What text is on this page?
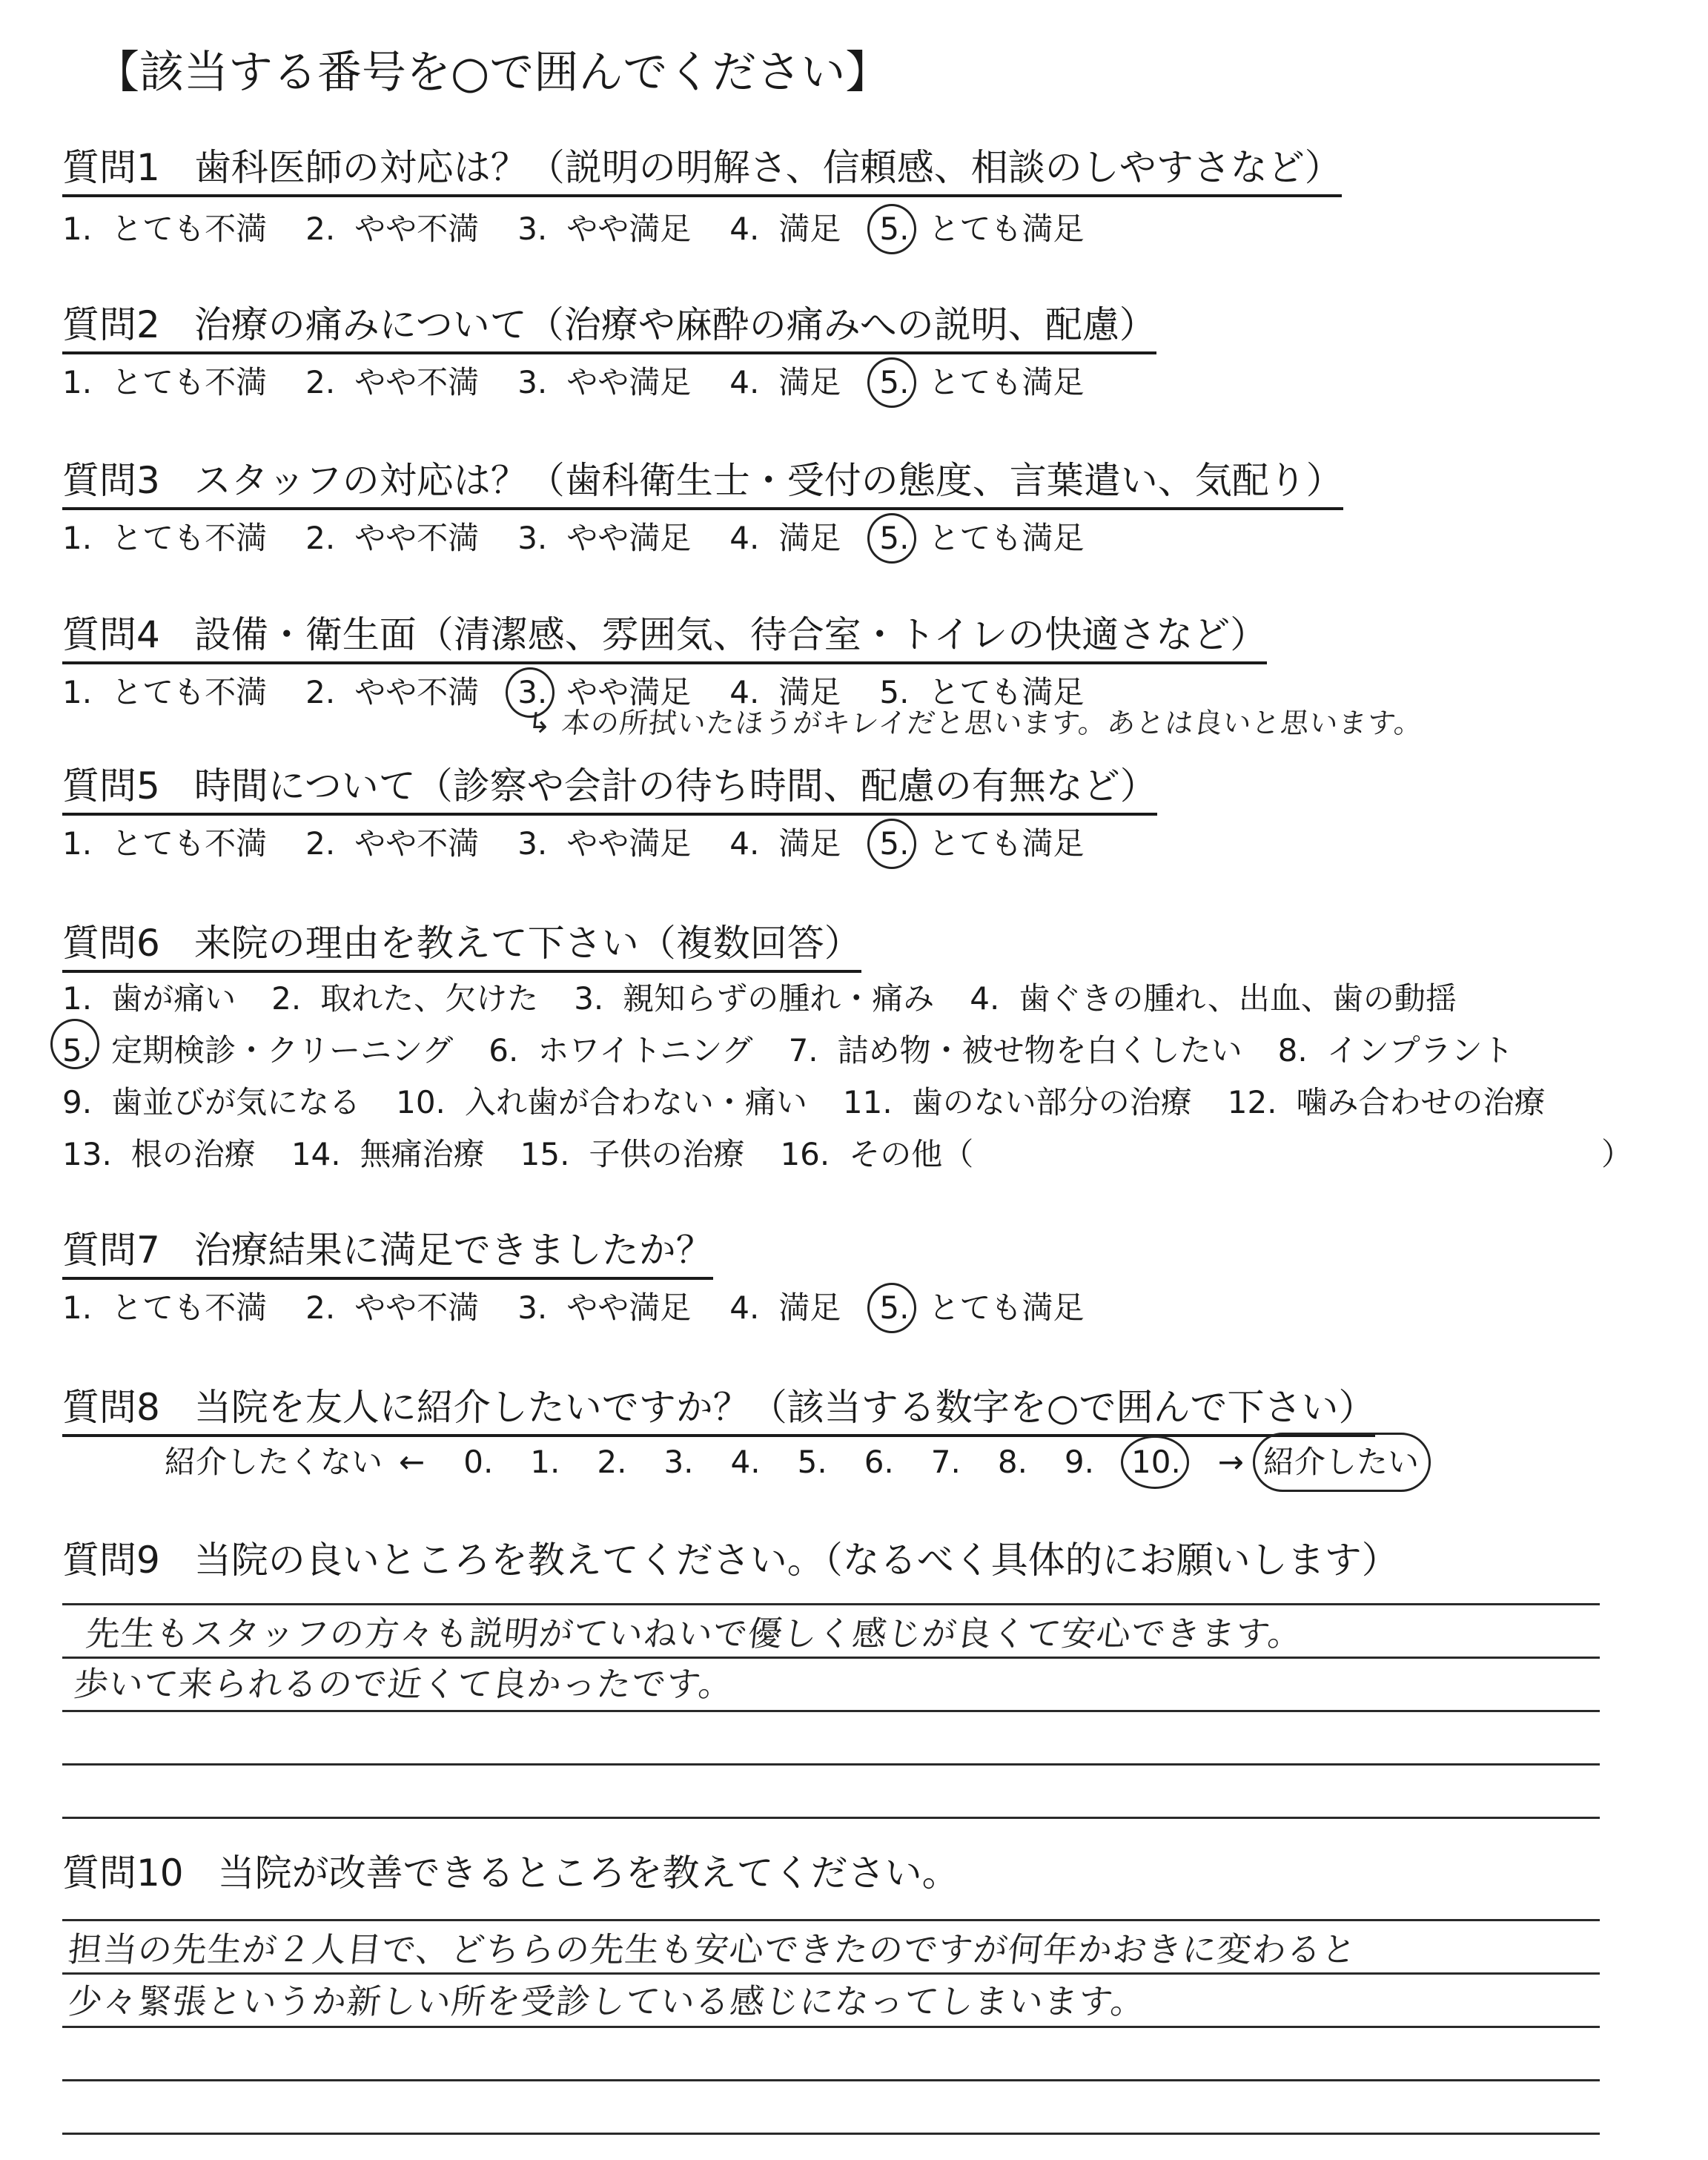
【該当する番号を○で囲んでください】
質問1 歯科医師の対応は？（説明の明解さ、信頼感、相談のしやすさなど）
1. とても不満 2. やや不満 3. やや満足 4. 満足 5. とても満足
質問2 治療の痛みについて（治療や麻酔の痛みへの説明、配慮）
1. とても不満 2. やや不満 3. やや満足 4. 満足 5. とても満足
質問3 スタッフの対応は？（歯科衛生士・受付の態度、言葉遣い、気配り）
1. とても不満 2. やや不満 3. やや満足 4. 満足 5. とても満足
質問4 設備・衛生面（清潔感、雰囲気、待合室・トイレの快適さなど）
1. とても不満 2. やや不満 3. やや満足 4. 満足 5. とても満足
↳ 本の所拭いたほうがキレイだと思います。あとは良いと思います。
質問5 時間について（診察や会計の待ち時間、配慮の有無など）
1. とても不満 2. やや不満 3. やや満足 4. 満足 5. とても満足
質問6 来院の理由を教えて下さい（複数回答）
1. 歯が痛い 2. 取れた、欠けた 3. 親知らずの腫れ・痛み 4. 歯ぐきの腫れ、出血、歯の動揺
5. 定期検診・クリーニング 6. ホワイトニング 7. 詰め物・被せ物を白くしたい 8. インプラント
9. 歯並びが気になる 10. 入れ歯が合わない・痛い 11. 歯のない部分の治療 12. 噛み合わせの治療
13. 根の治療 14. 無痛治療 15. 子供の治療 16. その他（	）
質問7 治療結果に満足できましたか？
1. とても不満 2. やや不満 3. やや満足 4. 満足 5. とても満足
質問8 当院を友人に紹介したいですか？（該当する数字を○で囲んで下さい）
紹介したくない ← 0. 1. 2. 3. 4. 5. 6. 7. 8. 9. 10. → 紹介したい
質問9 当院の良いところを教えてください。（なるべく具体的にお願いします）
先生もスタッフの方々も説明がていねいで優しく感じが良くて安心できます。
歩いて来られるので近くて良かったです。
質問10 当院が改善できるところを教えてください。
担当の先生が２人目で、どちらの先生も安心できたのですが何年かおきに変わると
少々緊張というか新しい所を受診している感じになってしまいます。
